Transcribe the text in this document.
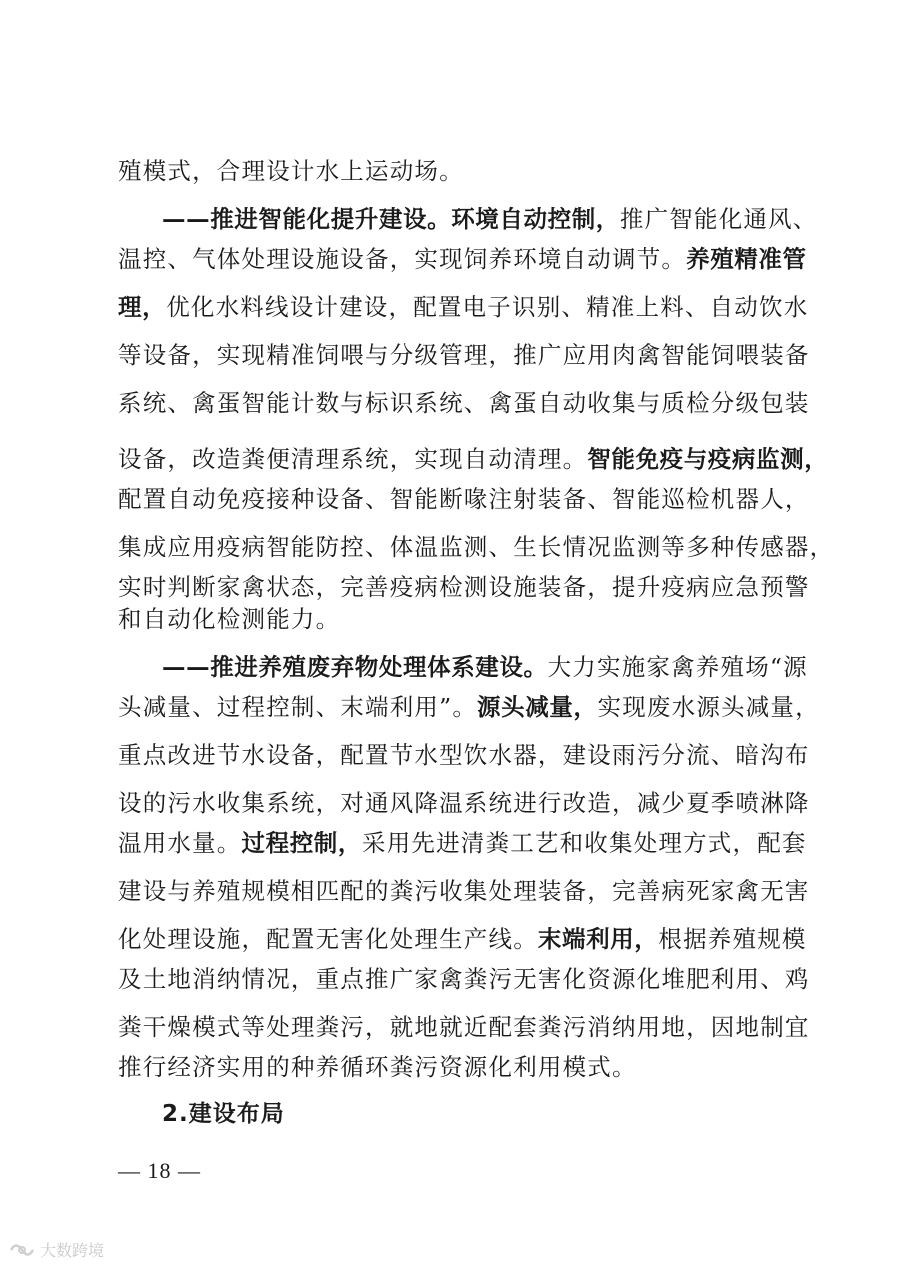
殖模式，合理设计水上运动场。
——推进智能化提升建设。环境自动控制，推广智能化通风、
温控、气体处理设施设备，实现饲养环境自动调节。养殖精准管
理，优化水料线设计建设，配置电子识别、精准上料、自动饮水
等设备，实现精准饲喂与分级管理，推广应用肉禽智能饲喂装备
系统、禽蛋智能计数与标识系统、禽蛋自动收集与质检分级包装
设备，改造粪便清理系统，实现自动清理。智能免疫与疫病监测，
配置自动免疫接种设备、智能断喙注射装备、智能巡检机器人，
集成应用疫病智能防控、体温监测、生长情况监测等多种传感器，
实时判断家禽状态，完善疫病检测设施装备，提升疫病应急预警
和自动化检测能力。
——推进养殖废弃物处理体系建设。大力实施家禽养殖场“源
头减量、过程控制、末端利用”。源头减量，实现废水源头减量，
重点改进节水设备，配置节水型饮水器，建设雨污分流、暗沟布
设的污水收集系统，对通风降温系统进行改造，减少夏季喷淋降
温用水量。过程控制，采用先进清粪工艺和收集处理方式，配套
建设与养殖规模相匹配的粪污收集处理装备，完善病死家禽无害
化处理设施，配置无害化处理生产线。末端利用，根据养殖规模
及土地消纳情况，重点推广家禽粪污无害化资源化堆肥利用、鸡
粪干燥模式等处理粪污，就地就近配套粪污消纳用地，因地制宜
推行经济实用的种养循环粪污资源化利用模式。
2.建设布局
— 18 —
大数跨境
